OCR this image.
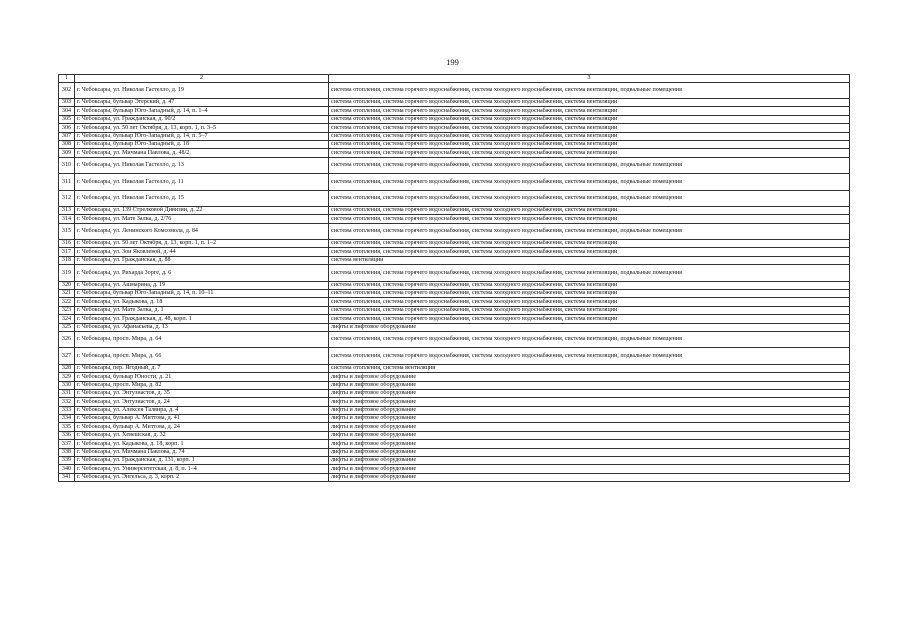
199
1	2	3
302	г. Чебоксары, ул. Николая Гастелло, д. 19	система отопления, система горячего водоснабжения, система холодного водоснабжения, система вентиляции, подвальные помещения
303	г. Чебоксары, бульвар Эгерский, д. 47	система отопления, система горячего водоснабжения, система холодного водоснабжения, система вентиляции
304	г. Чебоксары, бульвар Юго-Западный, д. 14, п. 1–4	система отопления, система горячего водоснабжения, система холодного водоснабжения, система вентиляции
305	г. Чебоксары, ул. Гражданская, д. 90/2	система отопления, система горячего водоснабжения, система холодного водоснабжения, система вентиляции
306	г. Чебоксары, ул. 50 лет Октября, д. 13, корп. 1, п. 3–5	система отопления, система горячего водоснабжения, система холодного водоснабжения, система вентиляции
307	г. Чебоксары, бульвар Юго-Западный, д. 14, п. 5–7	система отопления, система горячего водоснабжения, система холодного водоснабжения, система вентиляции
308	г. Чебоксары, бульвар Юго-Западный, д. 18	система отопления, система горячего водоснабжения, система холодного водоснабжения, система вентиляции
309	г. Чебоксары, ул. Мичмана Павлова, д. 48/2	система отопления, система горячего водоснабжения, система холодного водоснабжения, система вентиляции
310	г. Чебоксары, ул. Николая Гастелло, д. 13	система отопления, система горячего водоснабжения, система холодного водоснабжения, система вентиляции, подвальные помещения
311	г. Чебоксары, ул. Николая Гастелло, д. 11	система отопления, система горячего водоснабжения, система холодного водоснабжения, система вентиляции, подвальные помещения
312	г. Чебоксары, ул. Николая Гастелло, д. 15	система отопления, система горячего водоснабжения, система холодного водоснабжения, система вентиляции, подвальные помещения
313	г. Чебоксары, ул. 139 Стрелковой Дивизии, д. 22	система отопления, система горячего водоснабжения, система холодного водоснабжения, система вентиляции
314	г. Чебоксары, ул. Мате Залка, д. 2/76	система отопления, система горячего водоснабжения, система холодного водоснабжения, система вентиляции
315	г. Чебоксары, ул. Ленинского Комсомола, д. 84	система отопления, система горячего водоснабжения, система холодного водоснабжения, система вентиляции, подвальные помещения
316	г. Чебоксары, ул. 50 лет Октября, д. 13, корп. 1, п. 1–2	система отопления, система горячего водоснабжения, система холодного водоснабжения, система вентиляции
317	г. Чебоксары, ул. Зои Яковлевой, д. 44	система отопления, система горячего водоснабжения, система холодного водоснабжения, система вентиляции
318	г. Чебоксары, ул. Гражданская, д. 88	система вентиляции
319	г. Чебоксары, ул. Рихарда Зорге, д. 6	система отопления, система горячего водоснабжения, система холодного водоснабжения, система вентиляции, подвальные помещения
320	г. Чебоксары, ул. Ашмарина, д. 19	система отопления, система горячего водоснабжения, система холодного водоснабжения, система вентиляции
321	г. Чебоксары, бульвар Юго-Западный, д. 14, п. 10–11	система отопления, система горячего водоснабжения, система холодного водоснабжения, система вентиляции
322	г. Чебоксары, ул. Кадыкова, д. 18	система отопления, система горячего водоснабжения, система холодного водоснабжения, система вентиляции
323	г. Чебоксары, ул. Мате Залка, д. 1	система отопления, система горячего водоснабжения, система холодного водоснабжения, система вентиляции
324	г. Чебоксары, ул. Гражданская, д. 48, корп. 1	система отопления, система горячего водоснабжения, система холодного водоснабжения, система вентиляции
325	г. Чебоксары, ул. Афанасьева, д. 13	лифты и лифтовое оборудование
326	г. Чебоксары, просп. Мира, д. 64	система отопления, система горячего водоснабжения, система холодного водоснабжения, система вентиляции, подвальные помещения
327	г. Чебоксары, просп. Мира, д. 66	система отопления, система горячего водоснабжения, система холодного водоснабжения, система вентиляции, подвальные помещения
328	г. Чебоксары, пер. Ягодный, д. 7	система отопления, система вентиляции
329	г. Чебоксары, бульвар Юности, д. 21	лифты и лифтовое оборудование
330	г. Чебоксары, просп. Мира, д. 82	лифты и лифтовое оборудование
331	г. Чебоксары, ул. Энтузиастов, д. 35	лифты и лифтовое оборудование
332	г. Чебоксары, ул. Энтузиастов, д. 24	лифты и лифтовое оборудование
333	г. Чебоксары, ул. Алексея Талвира, д. 4	лифты и лифтовое оборудование
334	г. Чебоксары, бульвар А. Миттова, д. 41	лифты и лифтовое оборудование
335	г. Чебоксары, бульвар А. Миттова, д. 24	лифты и лифтовое оборудование
336	г. Чебоксары, ул. Хевешская, д. 32	лифты и лифтовое оборудование
337	г. Чебоксары, ул. Кадыкова, д. 18, корп. 1	лифты и лифтовое оборудование
338	г. Чебоксары, ул. Мичмана Павлова, д. 74	лифты и лифтовое оборудование
339	г. Чебоксары, ул. Гражданская, д. 131, корп. 1	лифты и лифтовое оборудование
340	г. Чебоксары, ул. Университетская, д. 8, п. 1–4	лифты и лифтовое оборудование
341	г. Чебоксары, ул. Энгельса, д. 3, корп. 2	лифты и лифтовое оборудование
